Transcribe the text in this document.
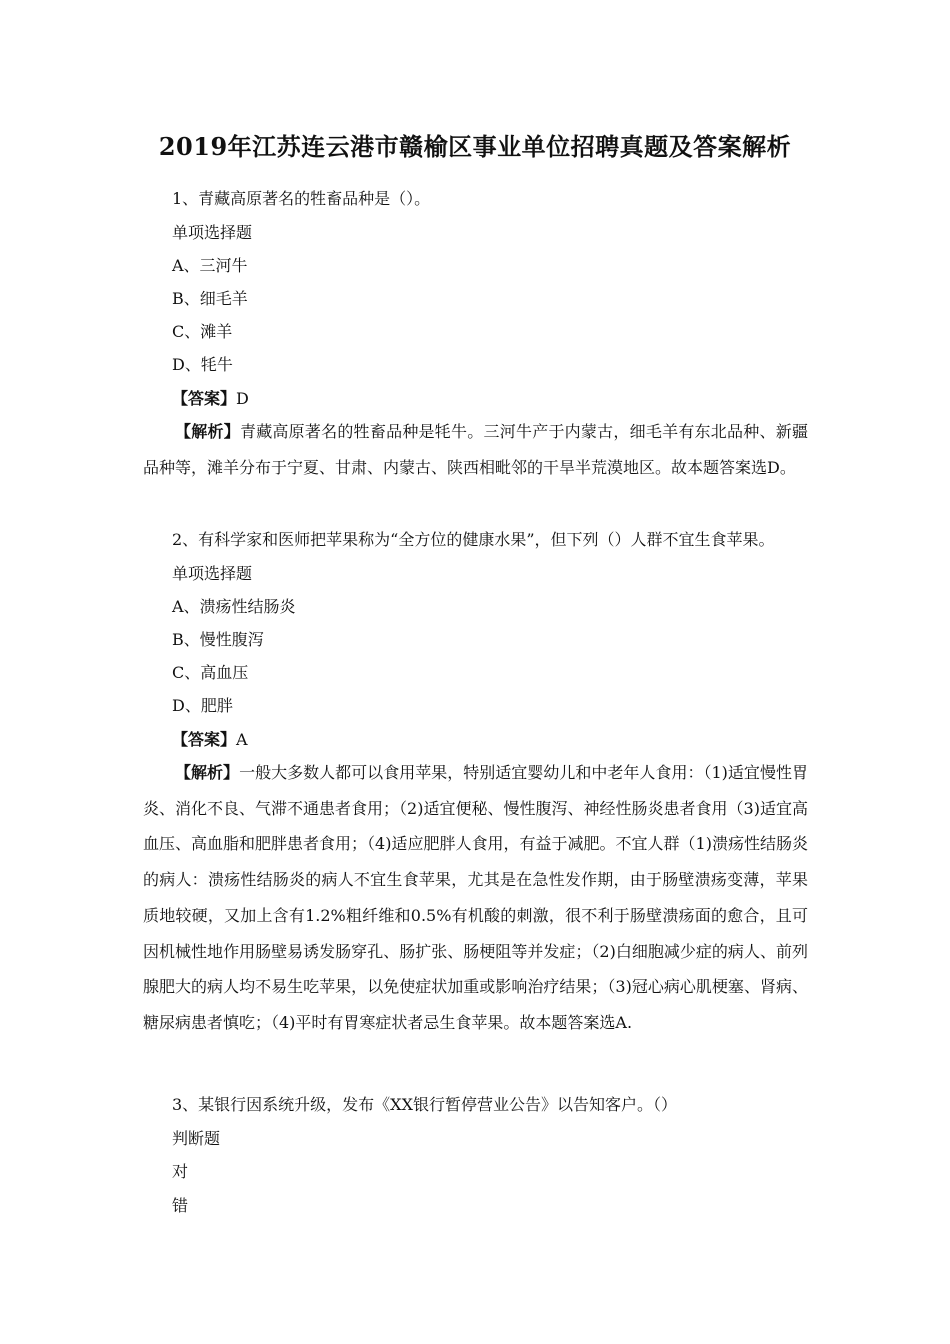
2019年江苏连云港市赣榆区事业单位招聘真题及答案解析
1、青藏高原著名的牲畜品种是（）。
单项选择题
A、三河牛
B、细毛羊
C、滩羊
D、牦牛
【答案】D
【解析】青藏高原著名的牲畜品种是牦牛。三河牛产于内蒙古，细毛羊有东北品种、新疆品种等，滩羊分布于宁夏、甘肃、内蒙古、陕西相毗邻的干旱半荒漠地区。故本题答案选D。
2、有科学家和医师把苹果称为“全方位的健康水果”，但下列（）人群不宜生食苹果。
单项选择题
A、溃疡性结肠炎
B、慢性腹泻
C、高血压
D、肥胖
【答案】A
【解析】一般大多数人都可以食用苹果，特别适宜婴幼儿和中老年人食用：（1)适宜慢性胃炎、消化不良、气滞不通患者食用；（2)适宜便秘、慢性腹泻、神经性肠炎患者食用（3)适宜高血压、高血脂和肥胖患者食用；（4)适应肥胖人食用，有益于减肥。不宜人群（1)溃疡性结肠炎的病人：溃疡性结肠炎的病人不宜生食苹果，尤其是在急性发作期，由于肠壁溃疡变薄，苹果质地较硬，又加上含有1.2%粗纤维和0.5%有机酸的刺激，很不利于肠壁溃疡面的愈合，且可因机械性地作用肠壁易诱发肠穿孔、肠扩张、肠梗阻等并发症；（2)白细胞减少症的病人、前列腺肥大的病人均不易生吃苹果，以免使症状加重或影响治疗结果；（3)冠心病心肌梗塞、肾病、糖尿病患者慎吃；（4)平时有胃寒症状者忌生食苹果。故本题答案选A.
3、某银行因系统升级，发布《XX银行暂停营业公告》以告知客户。（）
判断题
对
错
